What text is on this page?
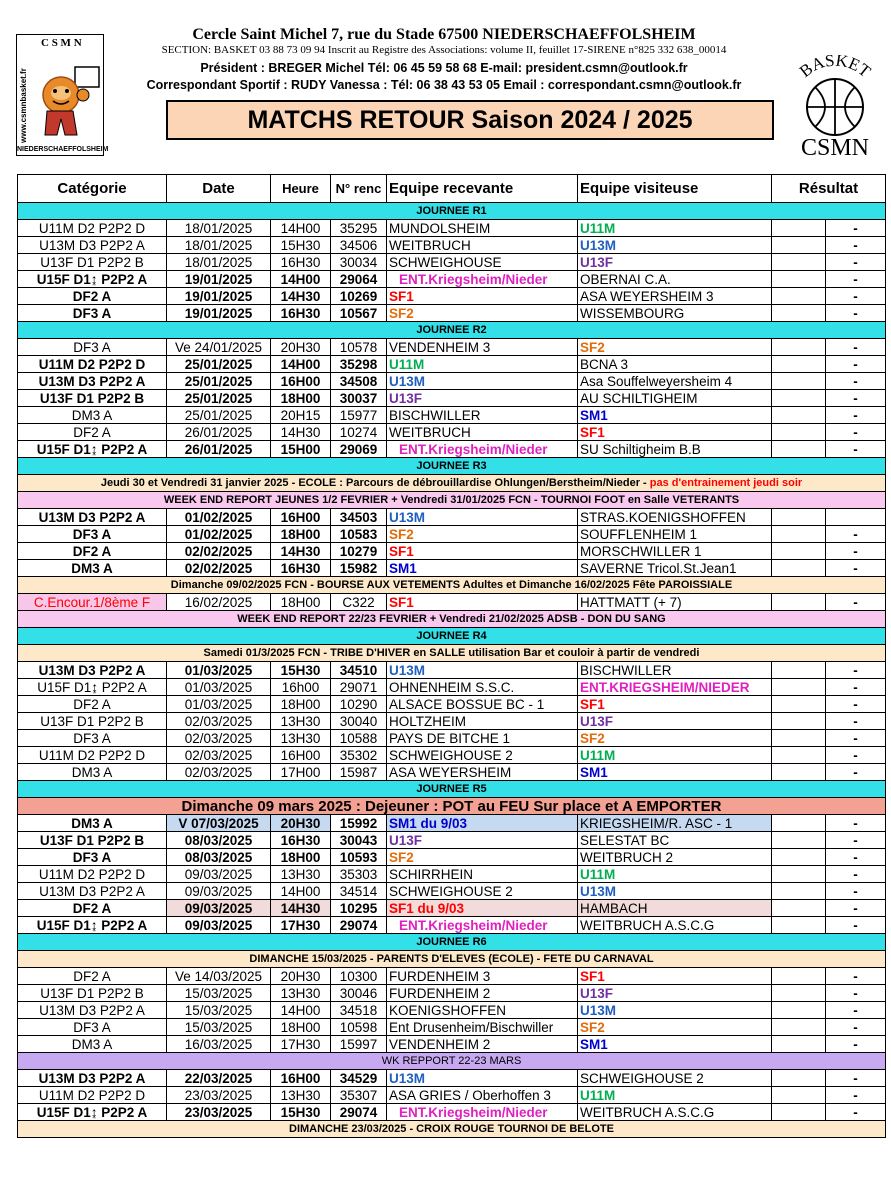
www.csmnbasket.fr
C S M N
NIEDERSCHAEFFOLSHEIM
Cercle Saint Michel 7, rue du Stade 67500 NIEDERSCHAEFFOLSHEIM
SECTION: BASKET 03 88 73 09 94 Inscrit au Registre des Associations: volume II, feuillet 17-SIRENE n°825 332 638_00014
Président : BREGER Michel Tél: 06 45 59 58 68 E-mail: president.csmn@outlook.fr
Correspondant Sportif : RUDY Vanessa : Tél: 06 38 43 53 05 Email : correspondant.csmn@outlook.fr
BASKET
CSMN
MATCHS RETOUR Saison 2024 / 2025
Catégorie	Date	Heure	N° renc	Equipe recevante	Equipe visiteuse	Résultat	
JOURNEE R1							
U11M D2 P2P2 D	18/01/2025	14H00	35295	MUNDOLSHEIM	U11M		-
U13M D3 P2P2 A	18/01/2025	15H30	34506	WEITBRUCH	U13M		-
U13F D1 P2P2 B	18/01/2025	16H30	30034	SCHWEIGHOUSE	U13F		-
U15F D1↨ P2P2 A	19/01/2025	14H00	29064	ENT.Kriegsheim/Nieder	OBERNAI C.A.		-
DF2 A	19/01/2025	14H30	10269	SF1	ASA WEYERSHEIM 3		-
DF3 A	19/01/2025	16H30	10567	SF2	WISSEMBOURG		-
JOURNEE R2							
DF3 A	Ve 24/01/2025	20H30	10578	VENDENHEIM 3	SF2		-
U11M D2 P2P2 D	25/01/2025	14H00	35298	U11M	BCNA 3		-
U13M D3 P2P2 A	25/01/2025	16H00	34508	U13M	Asa Souffelweyersheim 4		-
U13F D1 P2P2 B	25/01/2025	18H00	30037	U13F	AU SCHILTIGHEIM		-
DM3 A	25/01/2025	20H15	15977	BISCHWILLER	SM1		-
DF2 A	26/01/2025	14H30	10274	WEITBRUCH	SF1		-
U15F D1↨ P2P2 A	26/01/2025	15H00	29069	ENT.Kriegsheim/Nieder	SU Schiltigheim B.B		-
JOURNEE R3							
Jeudi 30 et Vendredi 31 janvier 2025 - ECOLE : Parcours de débrouillardise Ohlungen/Berstheim/Nieder - pas d'entrainement jeudi soir							
WEEK END REPORT JEUNES 1/2 FEVRIER + Vendredi 31/01/2025 FCN - TOURNOI FOOT en Salle VETERANTS							
U13M D3 P2P2 A	01/02/2025	16H00	34503	U13M	STRAS.KOENIGSHOFFEN		
DF3 A	01/02/2025	18H00	10583	SF2	SOUFFLENHEIM 1		-
DF2 A	02/02/2025	14H30	10279	SF1	MORSCHWILLER 1		-
DM3 A	02/02/2025	16H30	15982	SM1	SAVERNE Tricol.St.Jean1		-
Dimanche 09/02/2025 FCN - BOURSE AUX VETEMENTS Adultes et Dimanche 16/02/2025 Fête PAROISSIALE							
C.Encour.1/8ème F	16/02/2025	18H00	C322	SF1	HATTMATT (+ 7)		-
WEEK END REPORT 22/23 FEVRIER + Vendredi 21/02/2025 ADSB - DON DU SANG							
JOURNEE R4							
Samedi 01/3/2025 FCN - TRIBE D'HIVER en SALLE utilisation Bar et couloir à partir de vendredi							
U13M D3 P2P2 A	01/03/2025	15H30	34510	U13M	BISCHWILLER		-
U15F D1↨ P2P2 A	01/03/2025	16h00	29071	OHNENHEIM S.S.C.	ENT.KRIEGSHEIM/NIEDER		-
DF2 A	01/03/2025	18H00	10290	ALSACE BOSSUE BC - 1	SF1		-
U13F D1 P2P2 B	02/03/2025	13H30	30040	HOLTZHEIM	U13F		-
DF3 A	02/03/2025	13H30	10588	PAYS DE BITCHE 1	SF2		-
U11M D2 P2P2 D	02/03/2025	16H00	35302	SCHWEIGHOUSE 2	U11M		-
DM3 A	02/03/2025	17H00	15987	ASA WEYERSHEIM	SM1		-
JOURNEE R5							
Dimanche 09 mars 2025 : Dejeuner : POT au FEU Sur place et A EMPORTER							
DM3 A	V 07/03/2025	20H30	15992	SM1 du 9/03	KRIEGSHEIM/R. ASC - 1		-
U13F D1 P2P2 B	08/03/2025	16H30	30043	U13F	SELESTAT BC		-
DF3 A	08/03/2025	18H00	10593	SF2	WEITBRUCH 2		-
U11M D2 P2P2 D	09/03/2025	13H30	35303	SCHIRRHEIN	U11M		-
U13M D3 P2P2 A	09/03/2025	14H00	34514	SCHWEIGHOUSE 2	U13M		-
DF2 A	09/03/2025	14H30	10295	SF1 du 9/03	HAMBACH		-
U15F D1↨ P2P2 A	09/03/2025	17H30	29074	ENT.Kriegsheim/Nieder	WEITBRUCH A.S.C.G		-
JOURNEE R6							
DIMANCHE 15/03/2025 - PARENTS D'ELEVES (ECOLE) - FETE DU CARNAVAL							
DF2 A	Ve 14/03/2025	20H30	10300	FURDENHEIM 3	SF1		-
U13F D1 P2P2 B	15/03/2025	13H30	30046	FURDENHEIM 2	U13F		-
U13M D3 P2P2 A	15/03/2025	14H00	34518	KOENIGSHOFFEN	U13M		-
DF3 A	15/03/2025	18H00	10598	Ent Drusenheim/Bischwiller	SF2		-
DM3 A	16/03/2025	17H30	15997	VENDENHEIM 2	SM1		-
WK REPPORT 22-23 MARS							
U13M D3 P2P2 A	22/03/2025	16H00	34529	U13M	SCHWEIGHOUSE 2		-
U11M D2 P2P2 D	23/03/2025	13H30	35307	ASA GRIES / Oberhoffen 3	U11M		-
U15F D1↨ P2P2 A	23/03/2025	15H30	29074	ENT.Kriegsheim/Nieder	WEITBRUCH A.S.C.G		-
DIMANCHE 23/03/2025 - CROIX ROUGE TOURNOI DE BELOTE							
